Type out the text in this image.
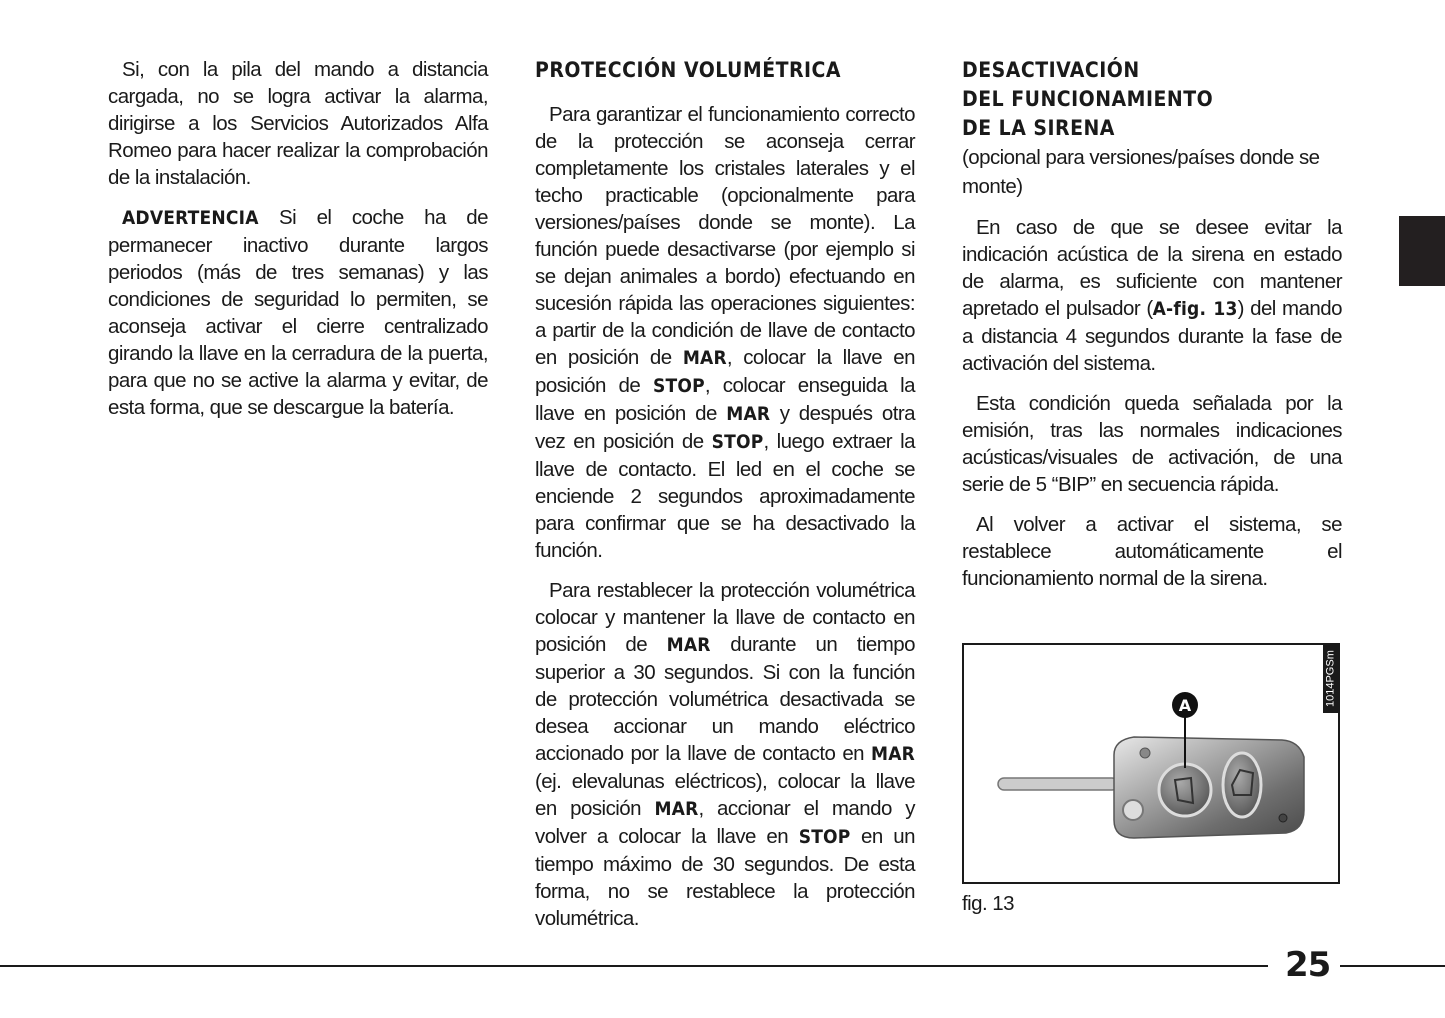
Si, con la pila del mando a distancia cargada, no se logra activar la alarma, dirigirse a los Servicios Autorizados Alfa Romeo para hacer realizar la comprobación de la instalación.

ADVERTENCIA Si el coche ha de permanecer inactivo durante largos periodos (más de tres semanas) y las condiciones de seguridad lo permiten, se aconseja activar el cierre centralizado girando la llave en la cerradura de la puerta, para que no se active la alarma y evitar, de esta forma, que se descargue la batería.

PROTECCIÓN VOLUMÉTRICA

Para garantizar el funcionamiento correcto de la protección se aconseja cerrar completamente los cristales laterales y el techo practicable (opcionalmente para versiones/países donde se monte). La función puede desactivarse (por ejemplo si se dejan animales a bordo) efectuando en sucesión rápida las operaciones siguientes: a partir de la condición de llave de contacto en posición de MAR, colocar la llave en posición de STOP, colocar enseguida la llave en posición de MAR y después otra vez en posición de STOP, luego extraer la llave de contacto. El led en el coche se enciende 2 segundos aproximadamente para confirmar que se ha desactivado la función.

Para restablecer la protección volumétrica colocar y mantener la llave de contacto en posición de MAR durante un tiempo superior a 30 segundos. Si con la función de protección volumétrica desactivada se desea accionar un mando eléctrico accionado por la llave de contacto en MAR (ej. elevalunas eléctricos), colocar la llave en posición MAR, accionar el mando y volver a colocar la llave en STOP en un tiempo máximo de 30 segundos. De esta forma, no se restablece la protección volumétrica.

DESACTIVACIÓN
DEL FUNCIONAMIENTO
DE LA SIRENA

(opcional para versiones/países donde se monte)

En caso de que se desee evitar la indicación acústica de la sirena en estado de alarma, es suficiente con mantener apretado el pulsador (A-fig. 13) del mando a distancia 4 segundos durante la fase de activación del sistema.

Esta condición queda señalada por la emisión, tras las normales indicaciones acústicas/visuales de activación, de una serie de 5 “BIP” en secuencia rápida.

Al volver a activar el sistema, se restablece automáticamente el funcionamiento normal de la sirena.

1014PGSm
A
fig. 13
25
